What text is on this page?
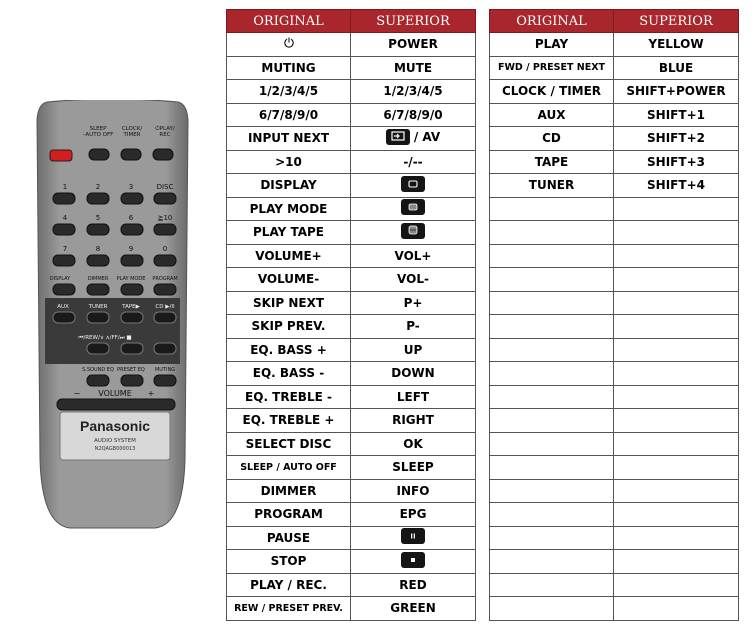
SLEEP
–AUTO OFF
CLOCK/
TIMER
⏻PLAY/
REC
1	2	3	DISC
4	5	6	≧10
7	8	9	0
DISPLAY	DIMMER PLAY MODE PROGRAM
AUX	TUNER	TAPE▶	CD ▶/II
⏮/REW/∨ ∧/FF/⏭ ■
S.SOUND EQ PRESET EQ MUTING
− VOLUME +
Panasonic
AUDIO SYSTEM
N2QAGB000013
ORIGINAL	SUPERIOR

	POWER
MUTING	MUTE
1/2/3/4/5	1/2/3/4/5
6/7/8/9/0	6/7/8/9/0
INPUT NEXT	/ AV

>10	-/--
DISPLAY	

PLAY MODE	

PLAY TAPE	

VOLUME+	VOL+
VOLUME-	VOL-
SKIP NEXT	P+
SKIP PREV.	P-
EQ. BASS +	UP
EQ. BASS -	DOWN
EQ. TREBLE -	LEFT
EQ. TREBLE +	RIGHT
SELECT DISC	OK
SLEEP / AUTO OFF	SLEEP
DIMMER	INFO
PROGRAM	EPG
PAUSE	

STOP	

PLAY / REC.	RED
REW / PRESET PREV.	GREEN
ORIGINAL	SUPERIOR
PLAY	YELLOW
FWD / PRESET NEXT	BLUE
CLOCK / TIMER	SHIFT+POWER
AUX	SHIFT+1
CD	SHIFT+2
TAPE	SHIFT+3
TUNER	SHIFT+4
